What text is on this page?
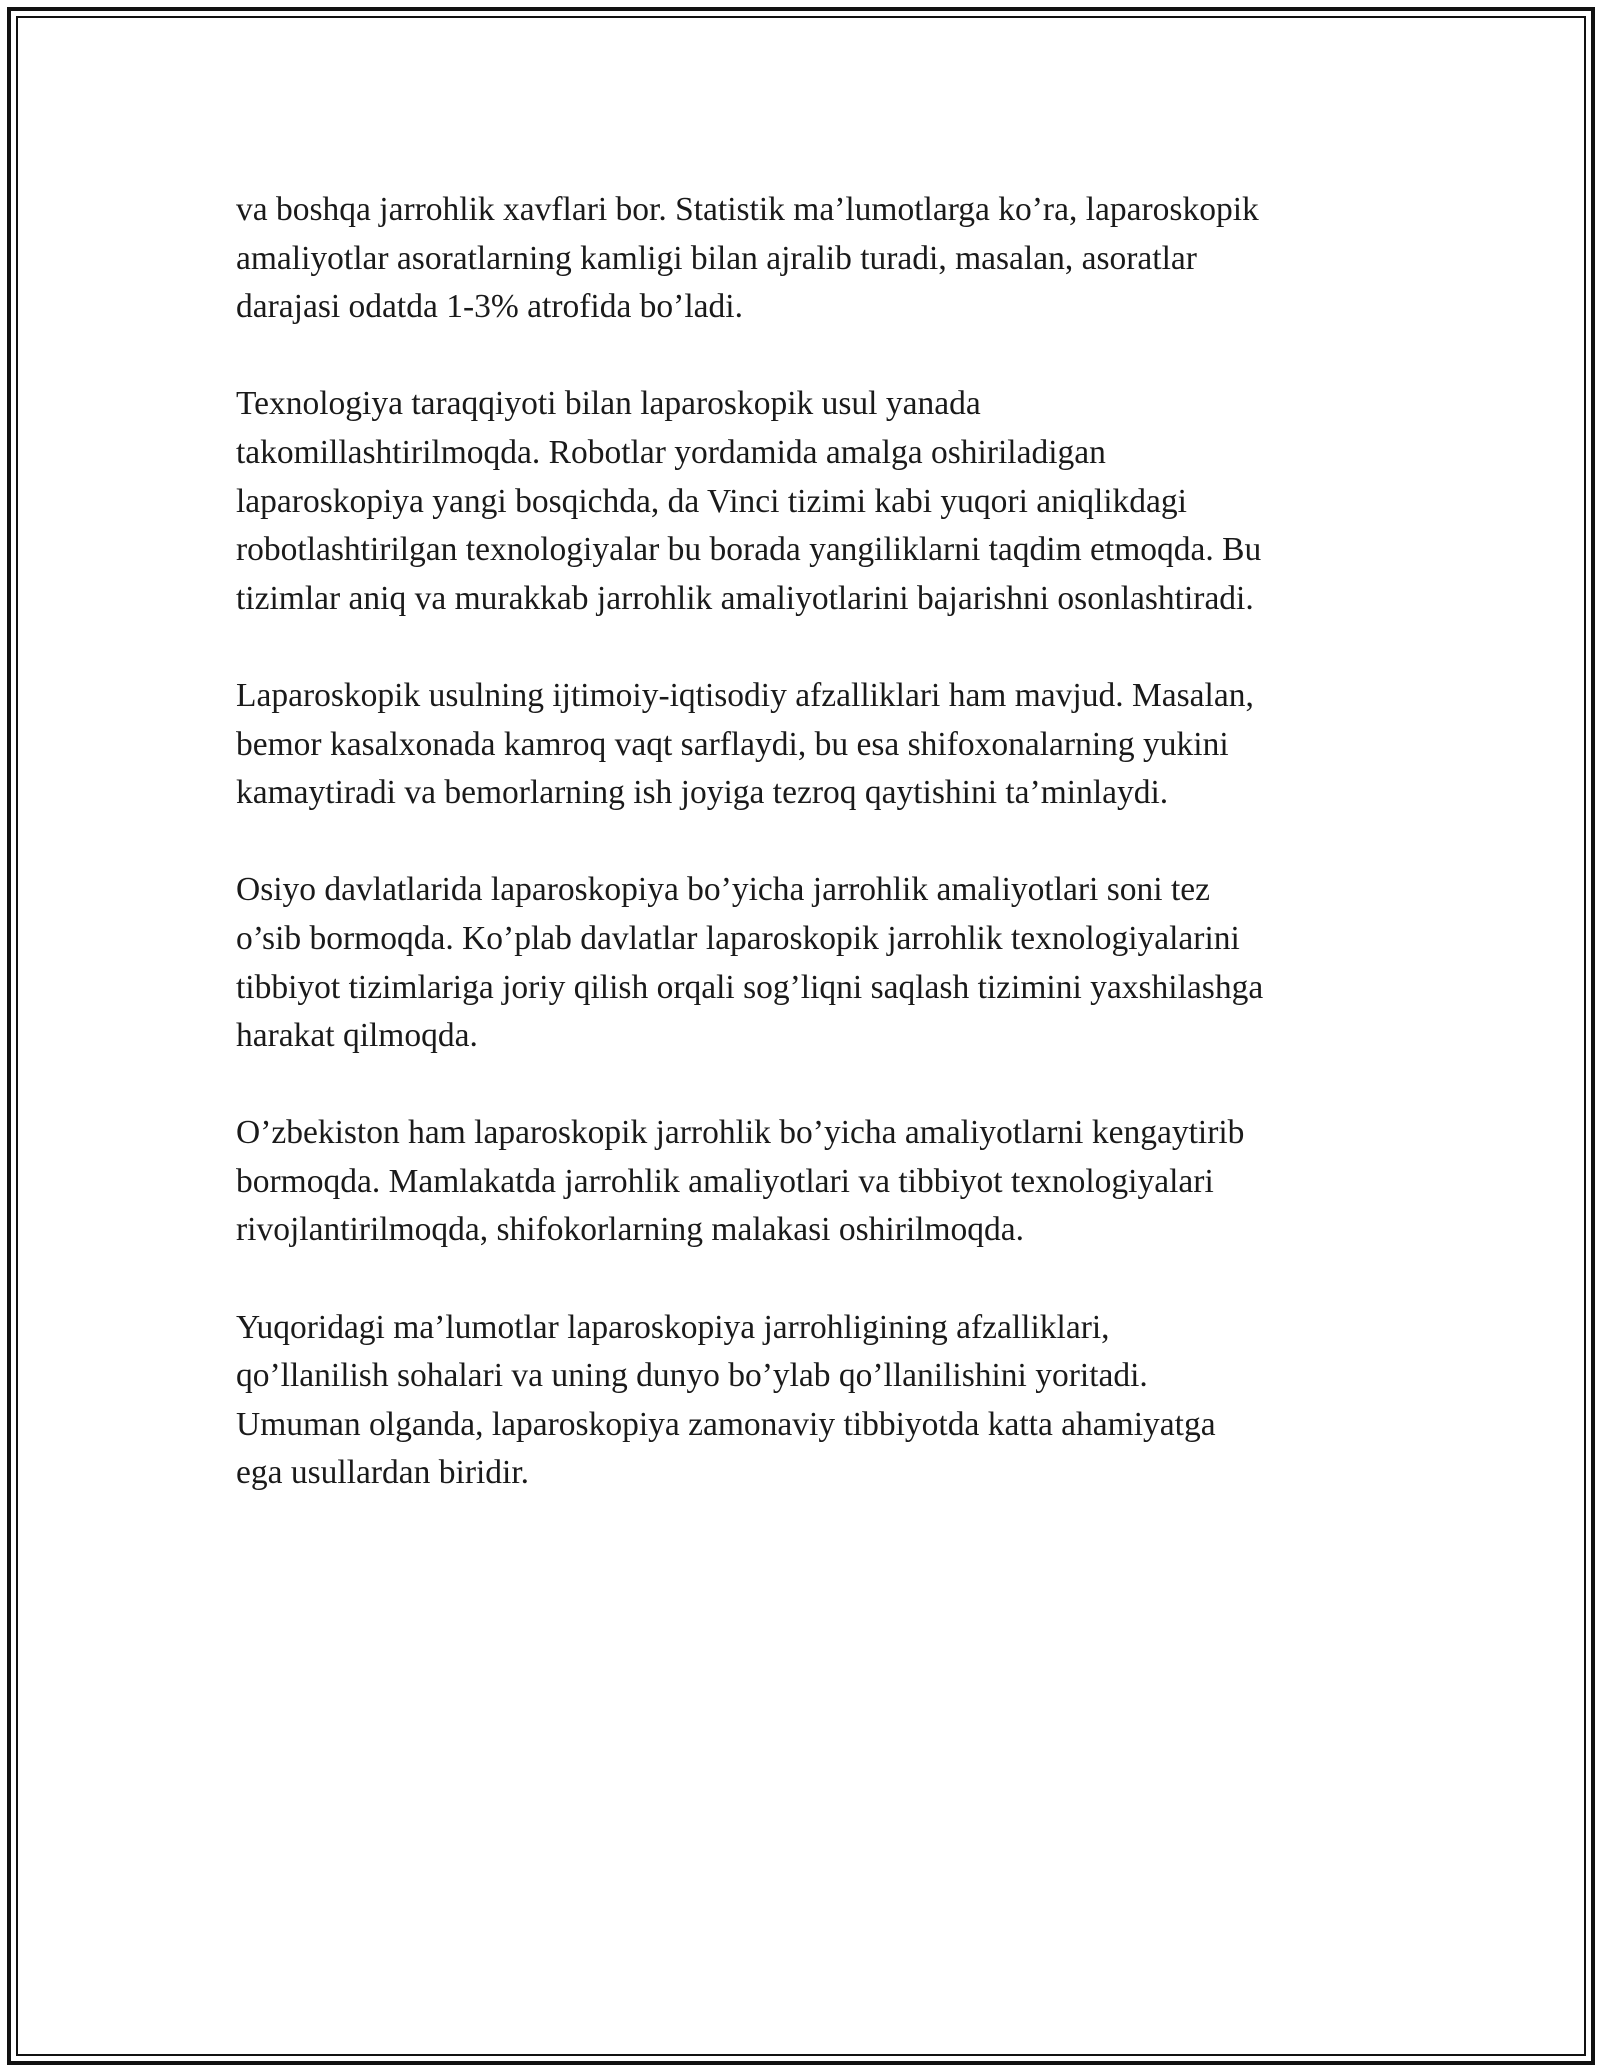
va boshqa jarrohlik xavflari bor. Statistik ma’lumotlarga ko’ra, laparoskopik
amaliyotlar asoratlarning kamligi bilan ajralib turadi, masalan, asoratlar
darajasi odatda 1-3% atrofida bo’ladi.

Texnologiya taraqqiyoti bilan laparoskopik usul yanada
takomillashtirilmoqda. Robotlar yordamida amalga oshiriladigan
laparoskopiya yangi bosqichda, da Vinci tizimi kabi yuqori aniqlikdagi
robotlashtirilgan texnologiyalar bu borada yangiliklarni taqdim etmoqda. Bu
tizimlar aniq va murakkab jarrohlik amaliyotlarini bajarishni osonlashtiradi.

Laparoskopik usulning ijtimoiy-iqtisodiy afzalliklari ham mavjud. Masalan,
bemor kasalxonada kamroq vaqt sarflaydi, bu esa shifoxonalarning yukini
kamaytiradi va bemorlarning ish joyiga tezroq qaytishini ta’minlaydi.

Osiyo davlatlarida laparoskopiya bo’yicha jarrohlik amaliyotlari soni tez
o’sib bormoqda. Ko’plab davlatlar laparoskopik jarrohlik texnologiyalarini
tibbiyot tizimlariga joriy qilish orqali sog’liqni saqlash tizimini yaxshilashga
harakat qilmoqda.

O’zbekiston ham laparoskopik jarrohlik bo’yicha amaliyotlarni kengaytirib
bormoqda. Mamlakatda jarrohlik amaliyotlari va tibbiyot texnologiyalari
rivojlantirilmoqda, shifokorlarning malakasi oshirilmoqda.

Yuqoridagi ma’lumotlar laparoskopiya jarrohligining afzalliklari,
qo’llanilish sohalari va uning dunyo bo’ylab qo’llanilishini yoritadi.
Umuman olganda, laparoskopiya zamonaviy tibbiyotda katta ahamiyatga
ega usullardan biridir.
